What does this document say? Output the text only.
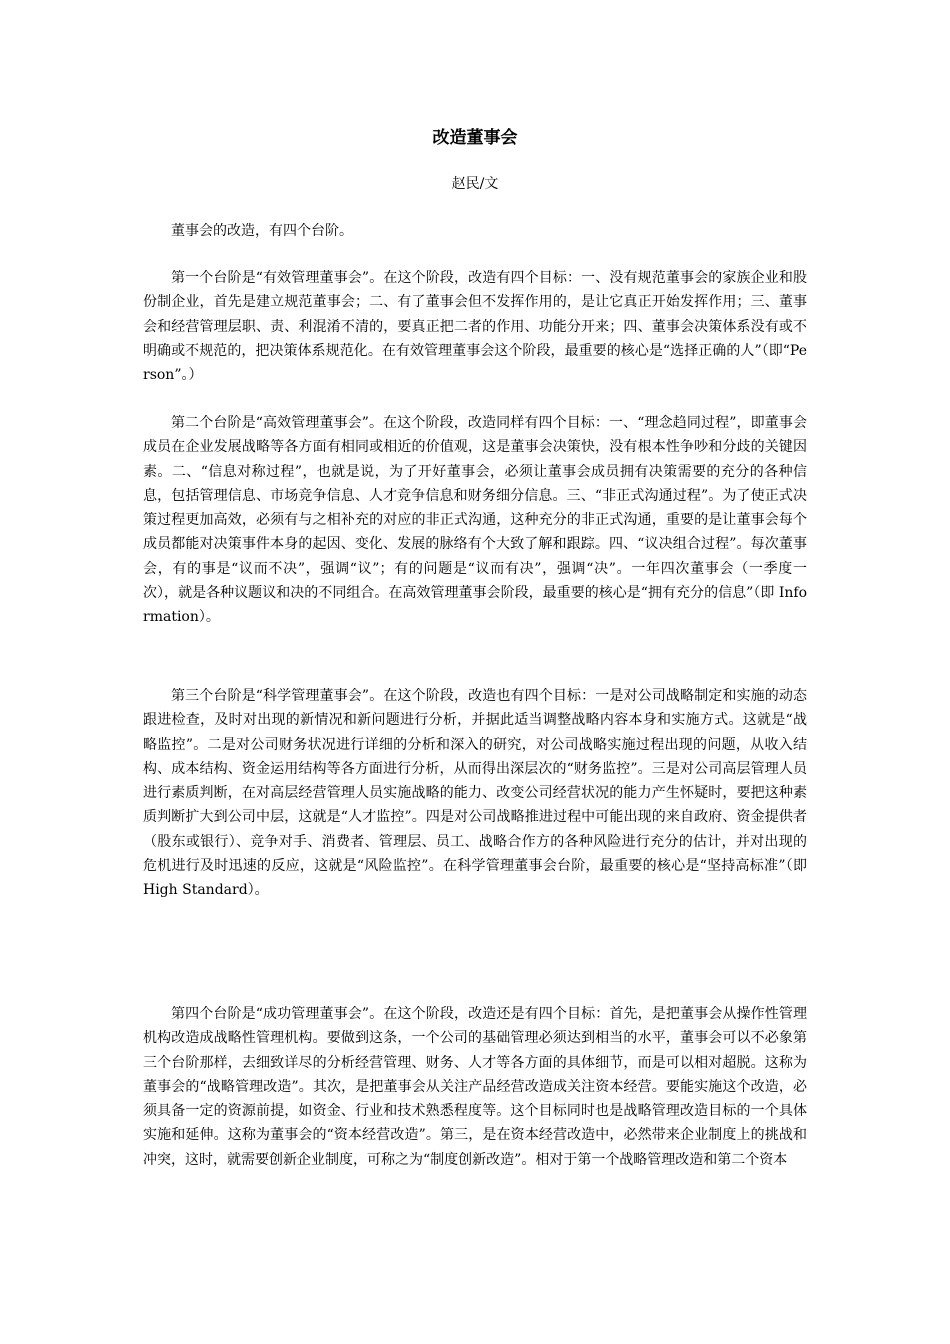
改造董事会

赵民/文

董事会的改造，有四个台阶。

第一个台阶是“有效管理董事会”。在这个阶段，改造有四个目标：一、没有规范董事会的家族企业和股份制企业，首先是建立规范董事会；二、有了董事会但不发挥作用的，是让它真正开始发挥作用；三、董事会和经营管理层职、责、利混淆不清的，要真正把二者的作用、功能分开来；四、董事会决策体系没有或不明确或不规范的，把决策体系规范化。在有效管理董事会这个阶段，最重要的核心是“选择正确的人”（即“Person”。）

第二个台阶是“高效管理董事会”。在这个阶段，改造同样有四个目标：一、“理念趋同过程”，即董事会成员在企业发展战略等各方面有相同或相近的价值观，这是董事会决策快，没有根本性争吵和分歧的关键因素。二、“信息对称过程”，也就是说，为了开好董事会，必须让董事会成员拥有决策需要的充分的各种信息，包括管理信息、市场竞争信息、人才竞争信息和财务细分信息。三、“非正式沟通过程”。为了使正式决策过程更加高效，必须有与之相补充的对应的非正式沟通，这种充分的非正式沟通，重要的是让董事会每个成员都能对决策事件本身的起因、变化、发展的脉络有个大致了解和跟踪。四、“议决组合过程”。每次董事会，有的事是“议而不决”，强调“议”；有的问题是“议而有决”，强调“决”。一年四次董事会（一季度一次），就是各种议题议和决的不同组合。在高效管理董事会阶段，最重要的核心是“拥有充分的信息”（即 Information）。

第三个台阶是“科学管理董事会”。在这个阶段，改造也有四个目标：一是对公司战略制定和实施的动态跟进检查，及时对出现的新情况和新问题进行分析，并据此适当调整战略内容本身和实施方式。这就是“战略监控”。二是对公司财务状况进行详细的分析和深入的研究，对公司战略实施过程出现的问题，从收入结构、成本结构、资金运用结构等各方面进行分析，从而得出深层次的“财务监控”。三是对公司高层管理人员进行素质判断，在对高层经营管理人员实施战略的能力、改变公司经营状况的能力产生怀疑时，要把这种素质判断扩大到公司中层，这就是“人才监控”。四是对公司战略推进过程中可能出现的来自政府、资金提供者（股东或银行）、竞争对手、消费者、管理层、员工、战略合作方的各种风险进行充分的估计，并对出现的危机进行及时迅速的反应，这就是“风险监控”。在科学管理董事会台阶，最重要的核心是“坚持高标准”（即 High Standard）。

第四个台阶是“成功管理董事会”。在这个阶段，改造还是有四个目标：首先，是把董事会从操作性管理机构改造成战略性管理机构。要做到这条，一个公司的基础管理必须达到相当的水平，董事会可以不必象第三个台阶那样，去细致详尽的分析经营管理、财务、人才等各方面的具体细节，而是可以相对超脱。这称为董事会的“战略管理改造”。其次，是把董事会从关注产品经营改造成关注资本经营。要能实施这个改造，必须具备一定的资源前提，如资金、行业和技术熟悉程度等。这个目标同时也是战略管理改造目标的一个具体实施和延伸。这称为董事会的“资本经营改造”。第三，是在资本经营改造中，必然带来企业制度上的挑战和冲突，这时，就需要创新企业制度，可称之为“制度创新改造”。相对于第一个战略管理改造和第二个资本
